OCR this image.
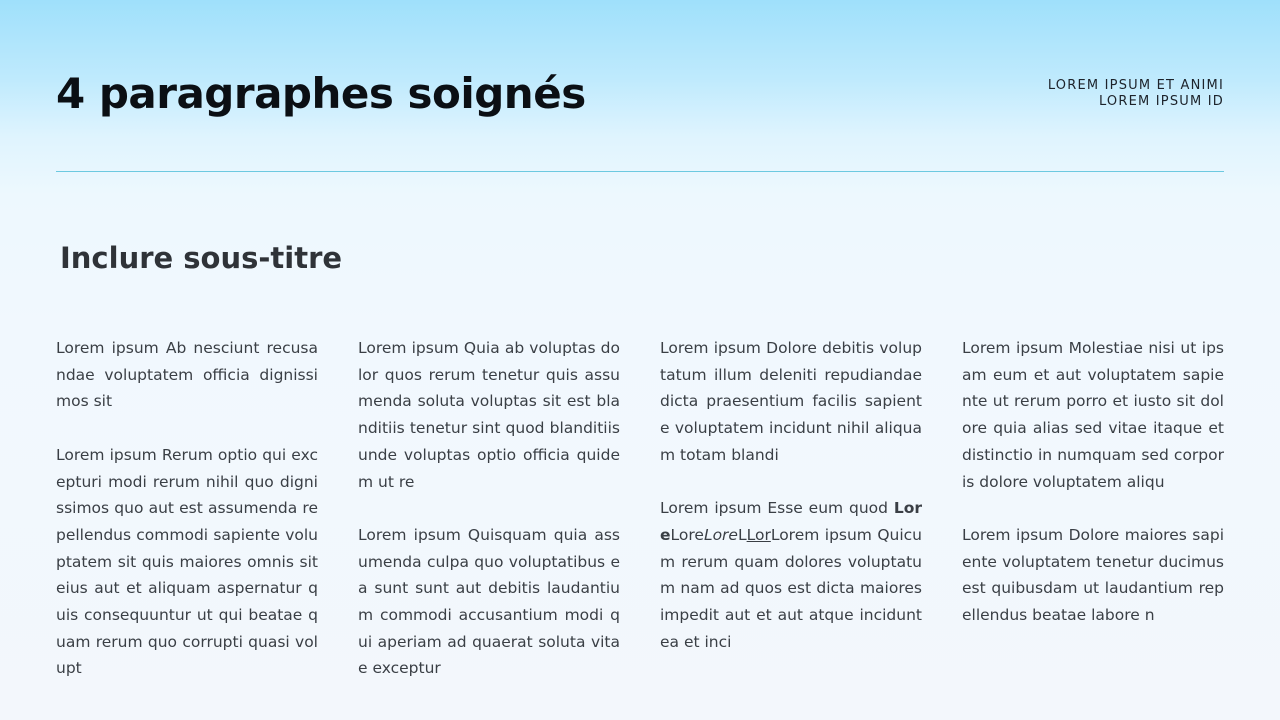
4 paragraphes soignés	LOREM IPSUM ET ANIMI
LOREM IPSUM ID
Inclure sous-titre

Lorem ipsum Ab nesciunt recusandae voluptatem officia dignissimos sit

Lorem ipsum Rerum optio qui excepturi modi rerum nihil quo dignissimos quo aut est assumenda repellendus commodi sapiente voluptatem sit quis maiores omnis sit eius aut et aliquam aspernatur quis consequuntur ut qui beatae quam rerum quo corrupti quasi volupt

Lorem ipsum Quia ab voluptas dolor quos rerum tenetur quis assumenda soluta voluptas sit est blanditiis tenetur sint quod blanditiis unde voluptas optio officia quidem ut re

Lorem ipsum Quisquam quia assumenda culpa quo voluptatibus ea sunt sunt aut debitis laudantium commodi accusantium modi qui aperiam ad quaerat soluta vitae exceptur

Lorem ipsum Dolore debitis voluptatum illum deleniti repudiandae dicta praesentium facilis sapiente voluptatem incidunt nihil aliquam totam blandi

Lorem ipsum Esse eum quod LoreLoreLoreLLorLorem ipsum Quicum rerum quam dolores voluptatum nam ad quos est dicta maiores impedit aut et aut atque incidunt ea et inci

Lorem ipsum Molestiae nisi ut ipsam eum et aut voluptatem sapiente ut rerum porro et iusto sit dolore quia alias sed vitae itaque et distinctio in numquam sed corporis dolore voluptatem aliqu

Lorem ipsum Dolore maiores sapiente voluptatem tenetur ducimus est quibusdam ut laudantium repellendus beatae labore n
